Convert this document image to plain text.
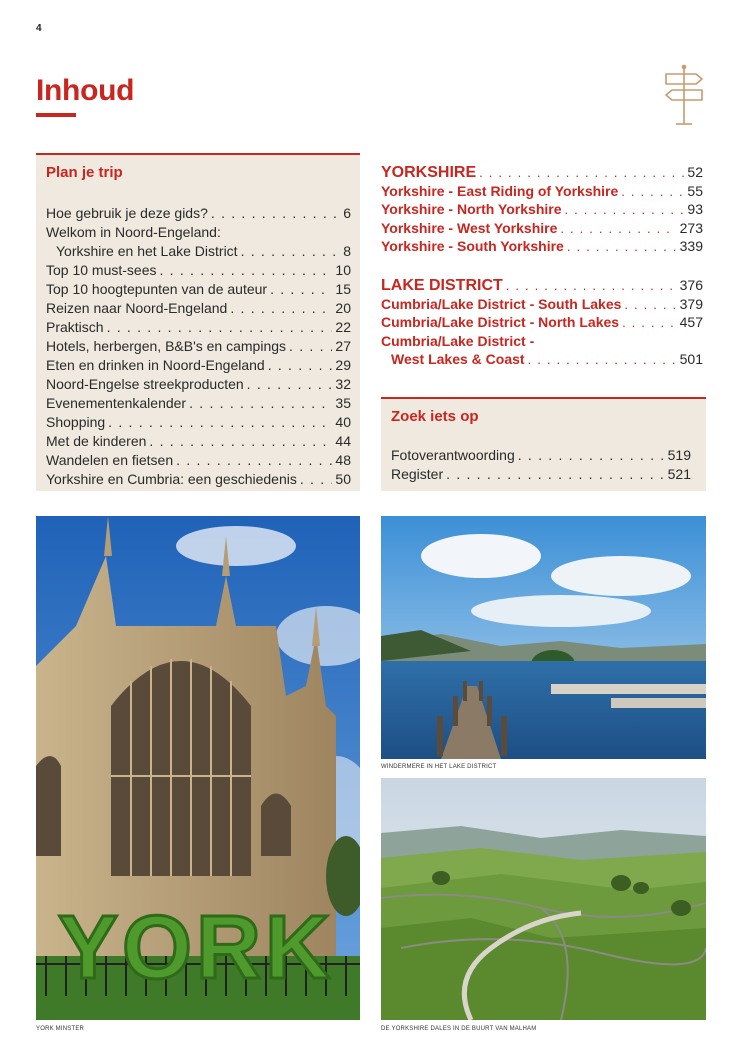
4
Inhoud
Plan je trip
Hoe gebruik je deze gids? . . .	6
Welkom in Noord-Engeland:
Yorkshire en het Lake District . . .	8
Top 10 must-sees . . .	10
Top 10 hoogtepunten van de auteur . . .	15
Reizen naar Noord-Engeland . . .	20
Praktisch . . .	22
Hotels, herbergen, B&B's en campings . . .	27
Eten en drinken in Noord-Engeland . . .	29
Noord-Engelse streekproducten . . .	32
Evenementenkalender . . .	35
Shopping . . .	40
Met de kinderen . . .	44
Wandelen en fietsen . . .	48
Yorkshire en Cumbria: een geschiedenis . . .	50
YORKSHIRE . . .	52
Yorkshire - East Riding of Yorkshire . . .	55
Yorkshire - North Yorkshire . . .	93
Yorkshire - West Yorkshire . . .	273
Yorkshire - South Yorkshire . . .	339
LAKE DISTRICT . . .	376
Cumbria/Lake District - South Lakes . . .	379
Cumbria/Lake District - North Lakes . . .	457
Cumbria/Lake District -
West Lakes & Coast . . .	501
Zoek iets op
Fotoverantwoording . . .	519
Register . . .	521
YORK
YORK MINSTER
WINDERMERE IN HET LAKE DISTRICT
DE YORKSHIRE DALES IN DE BUURT VAN MALHAM
